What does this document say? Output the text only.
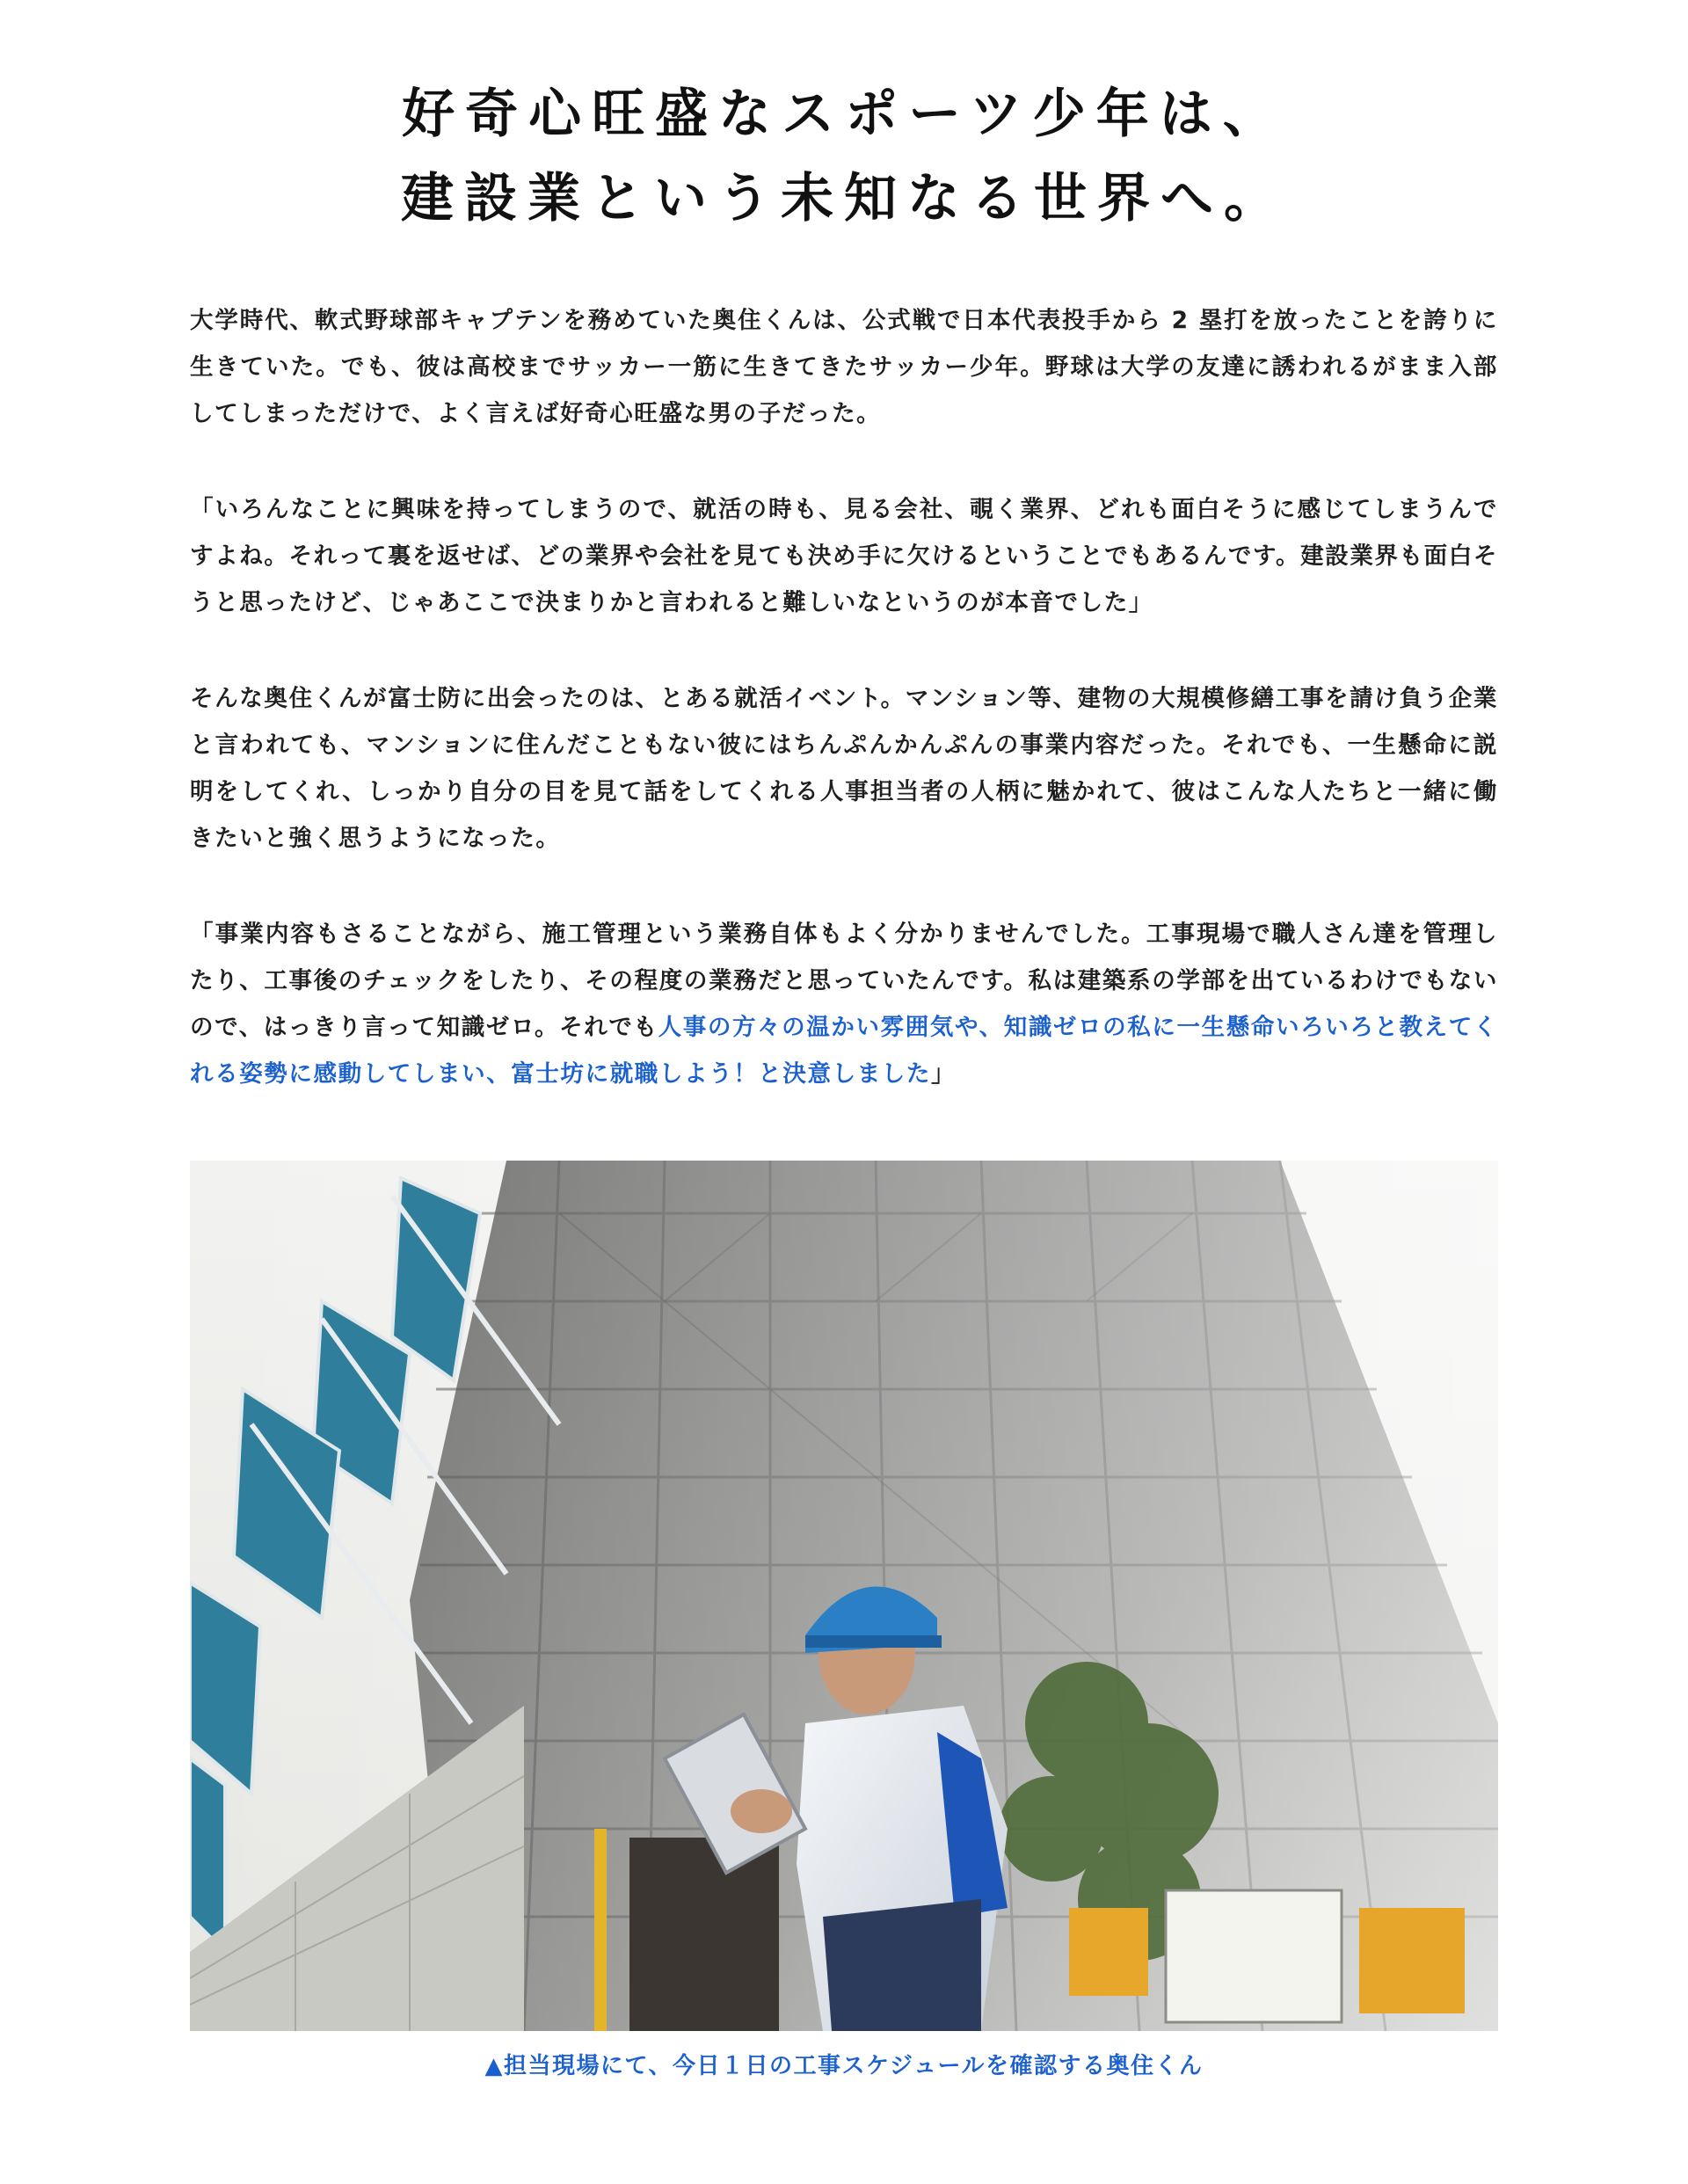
好奇心旺盛なスポーツ少年は、
建設業という未知なる世界へ。

大学時代、軟式野球部キャプテンを務めていた奥住くんは、公式戦で日本代表投手から 2 塁打を放ったことを誇りに生きていた。でも、彼は高校までサッカー一筋に生きてきたサッカー少年。野球は大学の友達に誘われるがまま入部してしまっただけで、よく言えば好奇心旺盛な男の子だった。

「いろんなことに興味を持ってしまうので、就活の時も、見る会社、覗く業界、どれも面白そうに感じてしまうんですよね。それって裏を返せば、どの業界や会社を見ても決め手に欠けるということでもあるんです。建設業界も面白そうと思ったけど、じゃあここで決まりかと言われると難しいなというのが本音でした」

そんな奥住くんが富士防に出会ったのは、とある就活イベント。マンション等、建物の大規模修繕工事を請け負う企業と言われても、マンションに住んだこともない彼にはちんぷんかんぷんの事業内容だった。それでも、一生懸命に説明をしてくれ、しっかり自分の目を見て話をしてくれる人事担当者の人柄に魅かれて、彼はこんな人たちと一緒に働きたいと強く思うようになった。

「事業内容もさることながら、施工管理という業務自体もよく分かりませんでした。工事現場で職人さん達を管理したり、工事後のチェックをしたり、その程度の業務だと思っていたんです。私は建築系の学部を出ているわけでもないので、はっきり言って知識ゼロ。それでも人事の方々の温かい雰囲気や、知識ゼロの私に一生懸命いろいろと教えてくれる姿勢に感動してしまい、富士坊に就職しよう！と決意しました」

▲担当現場にて、今日１日の工事スケジュールを確認する奥住くん
